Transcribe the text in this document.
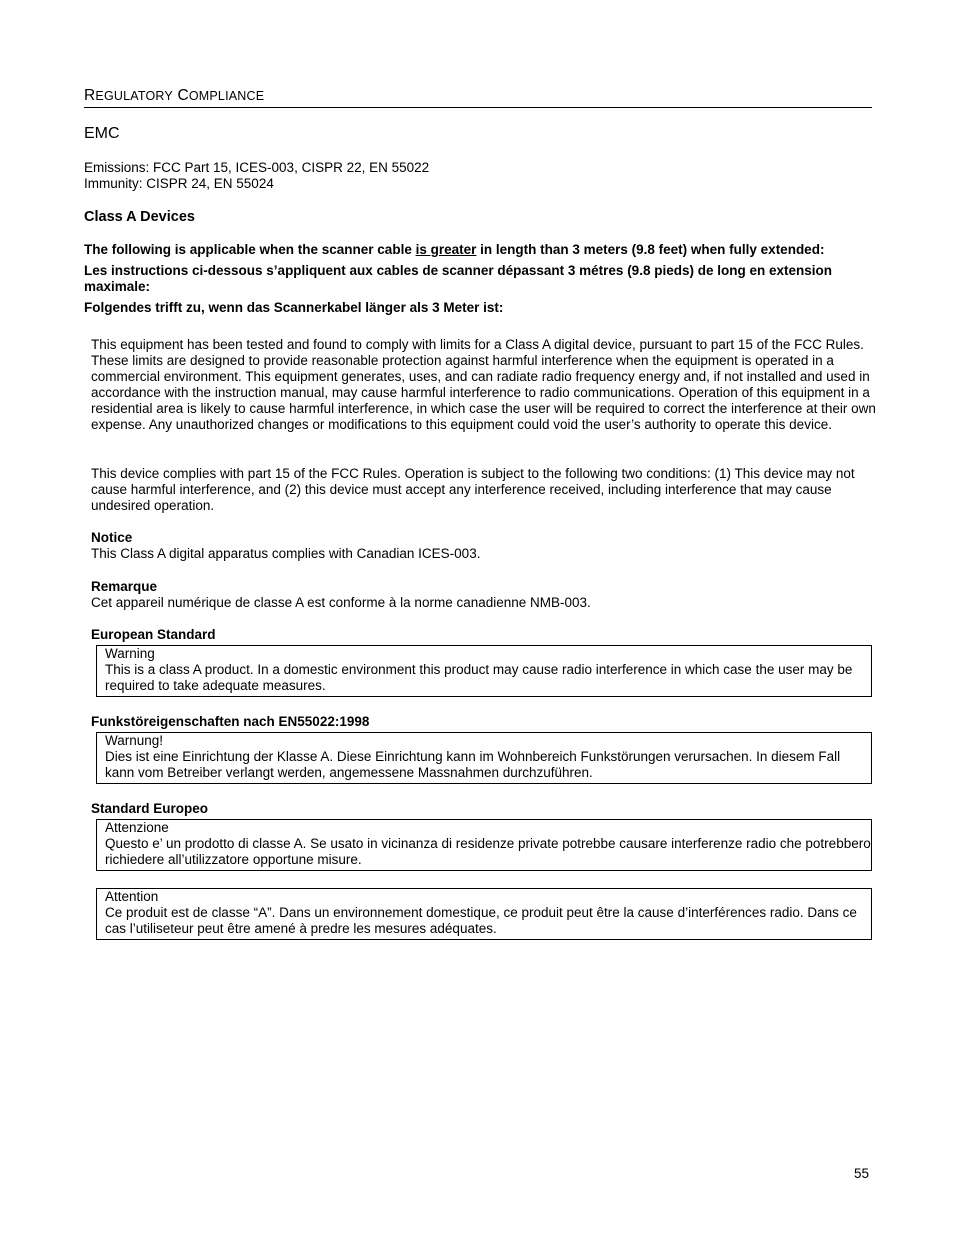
REGULATORY COMPLIANCE
EMC
Emissions: FCC Part 15, ICES-003, CISPR 22, EN 55022
Immunity: CISPR 24, EN 55024
Class A Devices
The following is applicable when the scanner cable is greater in length than 3 meters (9.8 feet) when fully extended:
Les instructions ci-dessous s’appliquent aux cables de scanner dépassant 3 métres (9.8 pieds) de long en extension maximale:
Folgendes trifft zu, wenn das Scannerkabel länger als 3 Meter ist:
This equipment has been tested and found to comply with limits for a Class A digital device, pursuant to part 15 of the FCC Rules. These limits are designed to provide reasonable protection against harmful interference when the equipment is operated in a commercial environment. This equipment generates, uses, and can radiate radio frequency energy and, if not installed and used in accordance with the instruction manual, may cause harmful interference to radio communications. Operation of this equipment in a residential area is likely to cause harmful interference, in which case the user will be required to correct the interference at their own expense. Any unauthorized changes or modifications to this equipment could void the user’s authority to operate this device.
This device complies with part 15 of the FCC Rules. Operation is subject to the following two conditions: (1) This device may not cause harmful interference, and (2) this device must accept any interference received, including interference that may cause undesired operation.
Notice
This Class A digital apparatus complies with Canadian ICES-003.
Remarque
Cet appareil numérique de classe A est conforme à la norme canadienne NMB-003.
European Standard
Warning
This is a class A product. In a domestic environment this product may cause radio interference in which case the user may be required to take adequate measures.
Funkstöreigenschaften nach EN55022:1998
Warnung!
Dies ist eine Einrichtung der Klasse A. Diese Einrichtung kann im Wohnbereich Funkstörungen verursachen. In diesem Fall kann vom Betreiber verlangt werden, angemessene Massnahmen durchzuführen.
Standard Europeo
Attenzione
Questo e’ un prodotto di classe A. Se usato in vicinanza di residenze private potrebbe causare interferenze radio che potrebbero richiedere all’utilizzatore opportune misure.
Attention
Ce produit est de classe “A”. Dans un environnement domestique, ce produit peut être la cause d’interférences radio. Dans ce cas l’utiliseteur peut être amené à predre les mesures adéquates.
55
